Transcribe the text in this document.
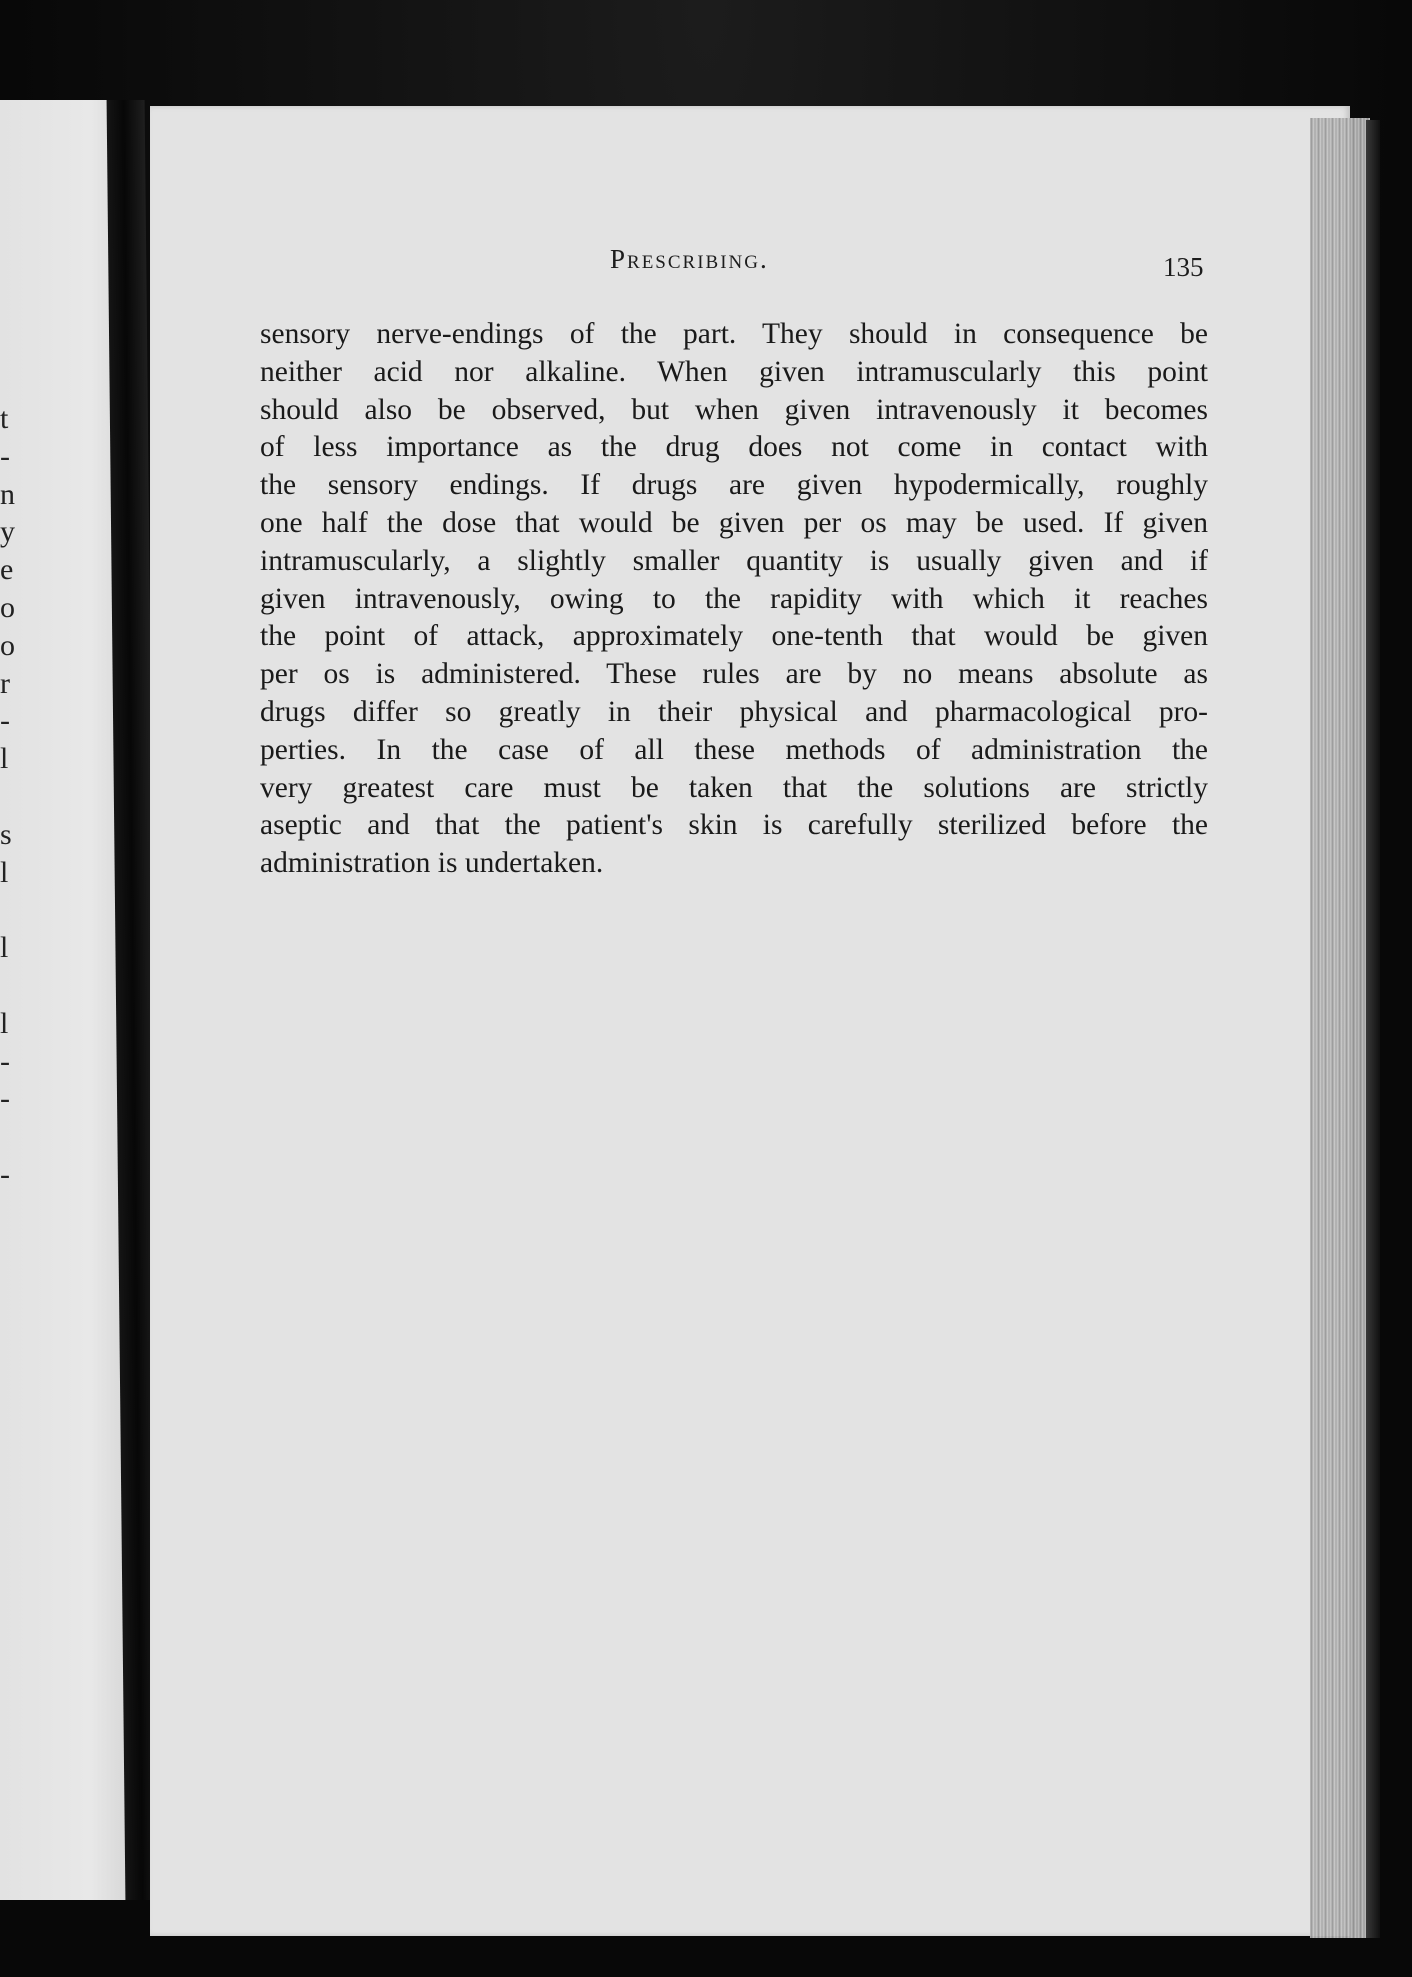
t
-
n
y
e
o
o
r
-
l

s
l

l

l
-
-

-
Prescribing.	135
sensory nerve-endings of the part. They should in consequence be
neither acid nor alkaline. When given intramuscularly this point
should also be observed, but when given intravenously it becomes
of less importance as the drug does not come in contact with
the sensory endings. If drugs are given hypodermically, roughly
one half the dose that would be given per os may be used. If given
intramuscularly, a slightly smaller quantity is usually given and if
given intravenously, owing to the rapidity with which it reaches
the point of attack, approximately one-tenth that would be given
per os is administered. These rules are by no means absolute as
drugs differ so greatly in their physical and pharmacological pro-
perties. In the case of all these methods of administration the
very greatest care must be taken that the solutions are strictly
aseptic and that the patient's skin is carefully sterilized before the
administration is undertaken.
